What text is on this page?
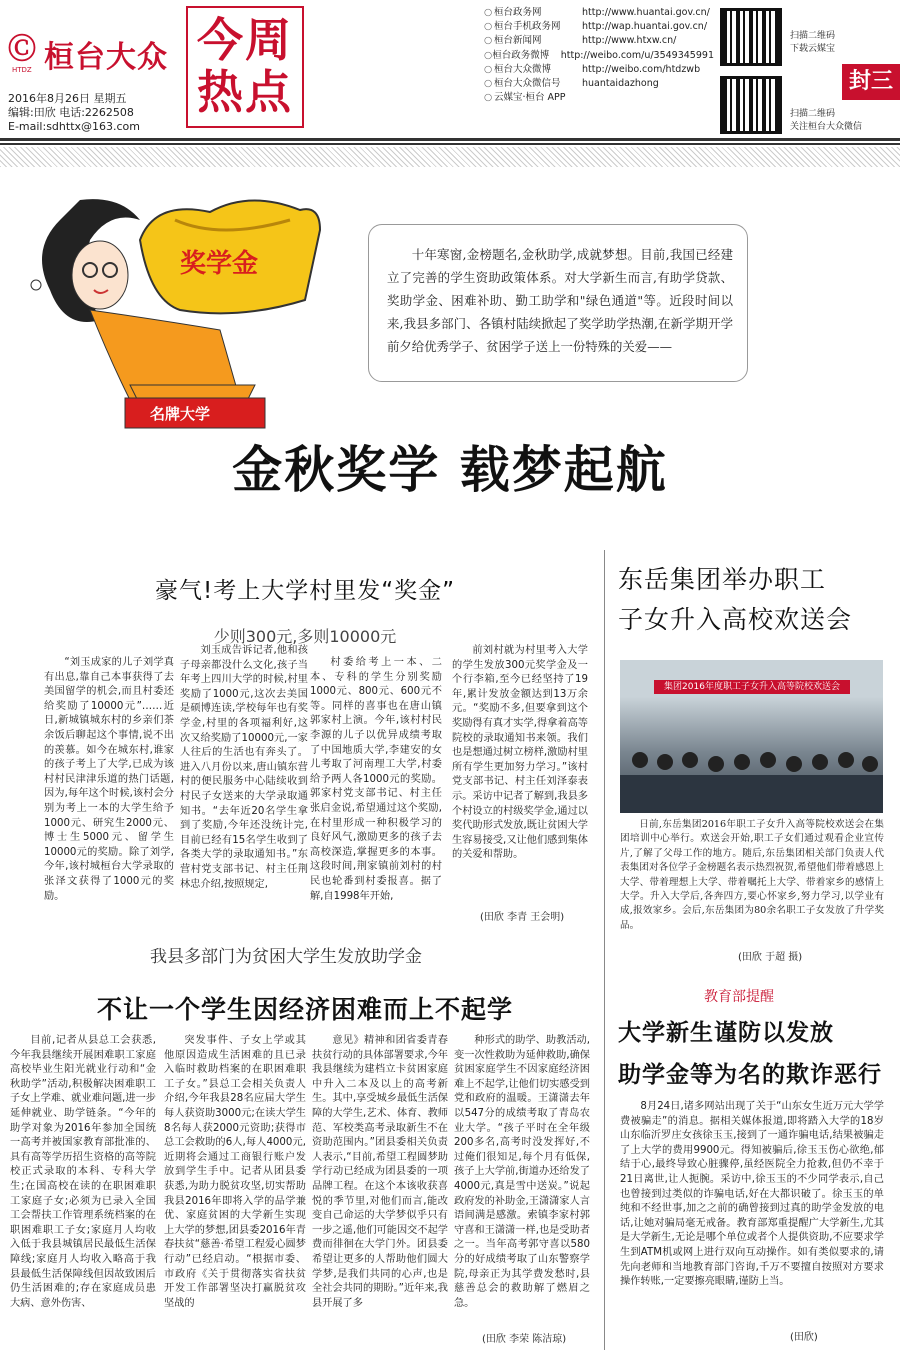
Ⓒ 桓台大众
HTDZ
2016年8月26日 星期五
编辑:田欣 电话:2262508
E-mail:sdhttx@163.com
今周
热点
○ 桓台政务网	http://www.huantai.gov.cn/
○ 桓台手机政务网	http://wap.huantai.gov.cn/
○ 桓台新闻网	http://www.htxw.cn/
○ 桓台政务微博	http://weibo.com/u/3549345991
○ 桓台大众微博	http://weibo.com/htdzwb
○ 桓台大众微信号	huantaidazhong
○ 云媒宝·桓台 APP
扫描二维码
下载云媒宝
扫描二维码
关注桓台大众微信
封三
奖学金
名牌大学
十年寒窗,金榜题名,金秋助学,成就梦想。目前,我国已经建立了完善的学生资助政策体系。对大学新生而言,有助学贷款、奖助学金、困难补助、勤工助学和"绿色通道"等。近段时间以来,我县多部门、各镇村陆续掀起了奖学助学热潮,在新学期开学前夕给优秀学子、贫困学子送上一份特殊的关爱——
金秋奖学 载梦起航
豪气!考上大学村里发“奖金”
少则300元,多则10000元

“刘玉成家的儿子刘学真有出息,靠自己本事获得了去美国留学的机会,而且村委还给奖励了10000元”……近日,新城镇城东村的乡亲们茶余饭后聊起这个事情,说不出的羡慕。如今在城东村,谁家的孩子考上了大学,已成为该村村民津津乐道的热门话题,因为,每年这个时候,该村会分别为考上一本的大学生给予1000元、研究生2000元、博士生5000元、留学生10000元的奖励。除了刘学,今年,该村城桓台大学录取的张泽文获得了1000元的奖励。

刘玉成告诉记者,他和孩子母亲都没什么文化,孩子当年考上四川大学的时候,村里奖励了1000元,这次去美国是硕博连读,学校每年也有奖学金,村里的各项福利好,这次又给奖励了10000元,一家人往后的生活也有奔头了。进入八月份以来,唐山镇东营村的便民服务中心陆续收到村民子女送来的大学录取通知书。“去年近20名学生拿到了奖励,今年还没统计完,目前已经有15名学生收到了各类大学的录取通知书。”东营村党支部书记、村主任荆林忠介绍,按照规定,

村委给考上一本、二本、专科的学生分别奖励1000元、800元、600元不等。同样的喜事也在唐山镇郭家村上演。今年,该村村民李源的儿子以优异成绩考取了中国地质大学,李建安的女儿考取了河南理工大学,村委给予两人各1000元的奖励。郭家村党支部书记、村主任张启金说,希望通过这个奖励,在村里形成一种积极学习的良好风气,激励更多的孩子去高校深造,掌握更多的本事。这段时间,荆家镇前刘村的村民也轮番到村委报喜。据了解,自1998年开始,

前刘村就为村里考入大学的学生发放300元奖学金及一个行李箱,至今已经坚持了19年,累计发放金额达到13万余元。“奖励不多,但要拿到这个奖励得有真才实学,得拿着高等院校的录取通知书来领。我们也是想通过树立榜样,激励村里所有学生更加努力学习。”该村党支部书记、村主任刘泽泰表示。采访中记者了解到,我县多个村设立的村级奖学金,通过以奖代助形式发放,既让贫困大学生容易接受,又让他们感到集体的关爱和帮助。

(田欣 李青 王会明)
我县多部门为贫困大学生发放助学金
不让一个学生因经济困难而上不起学

目前,记者从县总工会获悉,今年我县继续开展困难职工家庭高校毕业生阳光就业行动和“金秋助学”活动,积极解决困难职工子女上学难、就业难问题,进一步延伸就业、助学链条。“今年的助学对象为2016年参加全国统一高考并被国家教育部批准的、具有高等学历招生资格的高等院校正式录取的本科、专科大学生;在国高校在读的在职困难职工家庭子女;必须为已录入全国工会帮扶工作管理系统档案的在职困难职工子女;家庭月人均收入低于我县城镇居民最低生活保障线;家庭月人均收入略高于我县最低生活保障线但因故致困后仍生活困难的;存在家庭成员患大病、意外伤害、

突发事件、子女上学或其他原因造成生活困难的且已录入临时救助档案的在职困难职工子女。”县总工会相关负责人介绍,今年我县28名应届大学生每人获资助3000元;在读大学生8名每人获2000元资助;获得市总工会救助的6人,每人4000元,近期将会通过工商银行账户发放到学生手中。记者从团县委获悉,为助力脱贫攻坚,切实帮助我县2016年即将入学的品学兼优、家庭贫困的大学新生实现上大学的梦想,团县委2016年青春扶贫“慈善·希望工程爱心圆梦行动”已经启动。“根据市委、市政府《关于贯彻落实省扶贫开发工作部署坚决打赢脱贫攻坚战的

意见》精神和团省委青春扶贫行动的具体部署要求,今年我县继续为建档立卡贫困家庭中升入二本及以上的高考新生。其中,享受城乡最低生活保障的大学生,艺术、体育、教师范、军校类高考录取新生不在资助范围内。”团县委相关负责人表示,“目前,希望工程圆梦助学行动已经成为团县委的一项品牌工程。在这个本该收获喜悦的季节里,对他们而言,能改变自己命运的大学梦似乎只有一步之遥,他们可能因交不起学费而徘徊在大学门外。团县委希望让更多的人帮助他们圆大学梦,是我们共同的心声,也是全社会共同的期盼。”近年来,我县开展了多

种形式的助学、助教活动,变一次性救助为延伸救助,确保贫困家庭学生不因家庭经济困难上不起学,让他们切实感受到党和政府的温暖。王潇潇去年以547分的成绩考取了青岛农业大学。“孩子平时在全年级200多名,高考时没发挥好,不过俺们很知足,每个月有低保,孩子上大学前,街道办还给发了4000元,真是雪中送炭。”说起政府发的补助金,王潇潇家人言语间满是感激。索镇李家村郭守喜和王潇潇一样,也是受助者之一。当年高考郭守喜以580分的好成绩考取了山东警察学院,母亲正为其学费发愁时,县慈善总会的救助解了燃眉之急。

(田欣 李荣 陈洁琼)
东岳集团举办职工
子女升入高校欢送会
集团2016年度职工子女升入高等院校欢送会

日前,东岳集团2016年职工子女升入高等院校欢送会在集团培训中心举行。欢送会开始,职工子女们通过观看企业宣传片,了解了父母工作的地方。随后,东岳集团相关部门负责人代表集团对各位学子金榜题名表示热烈祝贺,希望他们带着感恩上大学、带着理想上大学、带着嘱托上大学、带着家乡的感情上大学。升入大学后,各奔四方,要心怀家乡,努力学习,以学业有成,报效家乡。会后,东岳集团为80余名职工子女发放了升学奖品。

(田欣 于超 摄)
教育部提醒
大学新生谨防以发放
助学金等为名的欺诈恶行

8月24日,诸多网站出现了关于“山东女生近万元大学学费被骗走”的消息。据相关媒体报道,即将踏入大学的18岁山东临沂罗庄女孩徐玉玉,接到了一通诈骗电话,结果被骗走了上大学的费用9900元。得知被骗后,徐玉玉伤心欲绝,郁结于心,最终导致心脏骤停,虽经医院全力抢救,但仍不幸于21日离世,让人扼腕。采访中,徐玉玉的不少同学表示,自己也曾接到过类似的诈骗电话,好在大都识破了。徐玉玉的单纯和不经世事,加之之前的确曾接到过真的助学金发放的电话,让她对骗局毫无戒备。教育部郑重提醒广大学新生,尤其是大学新生,无论是哪个单位或者个人提供资助,不应要求学生到ATM机或网上进行双向互动操作。如有类似要求的,请先向老师和当地教育部门咨询,千万不要擅自按照对方要求操作转账,一定要擦亮眼睛,谨防上当。

(田欣)
